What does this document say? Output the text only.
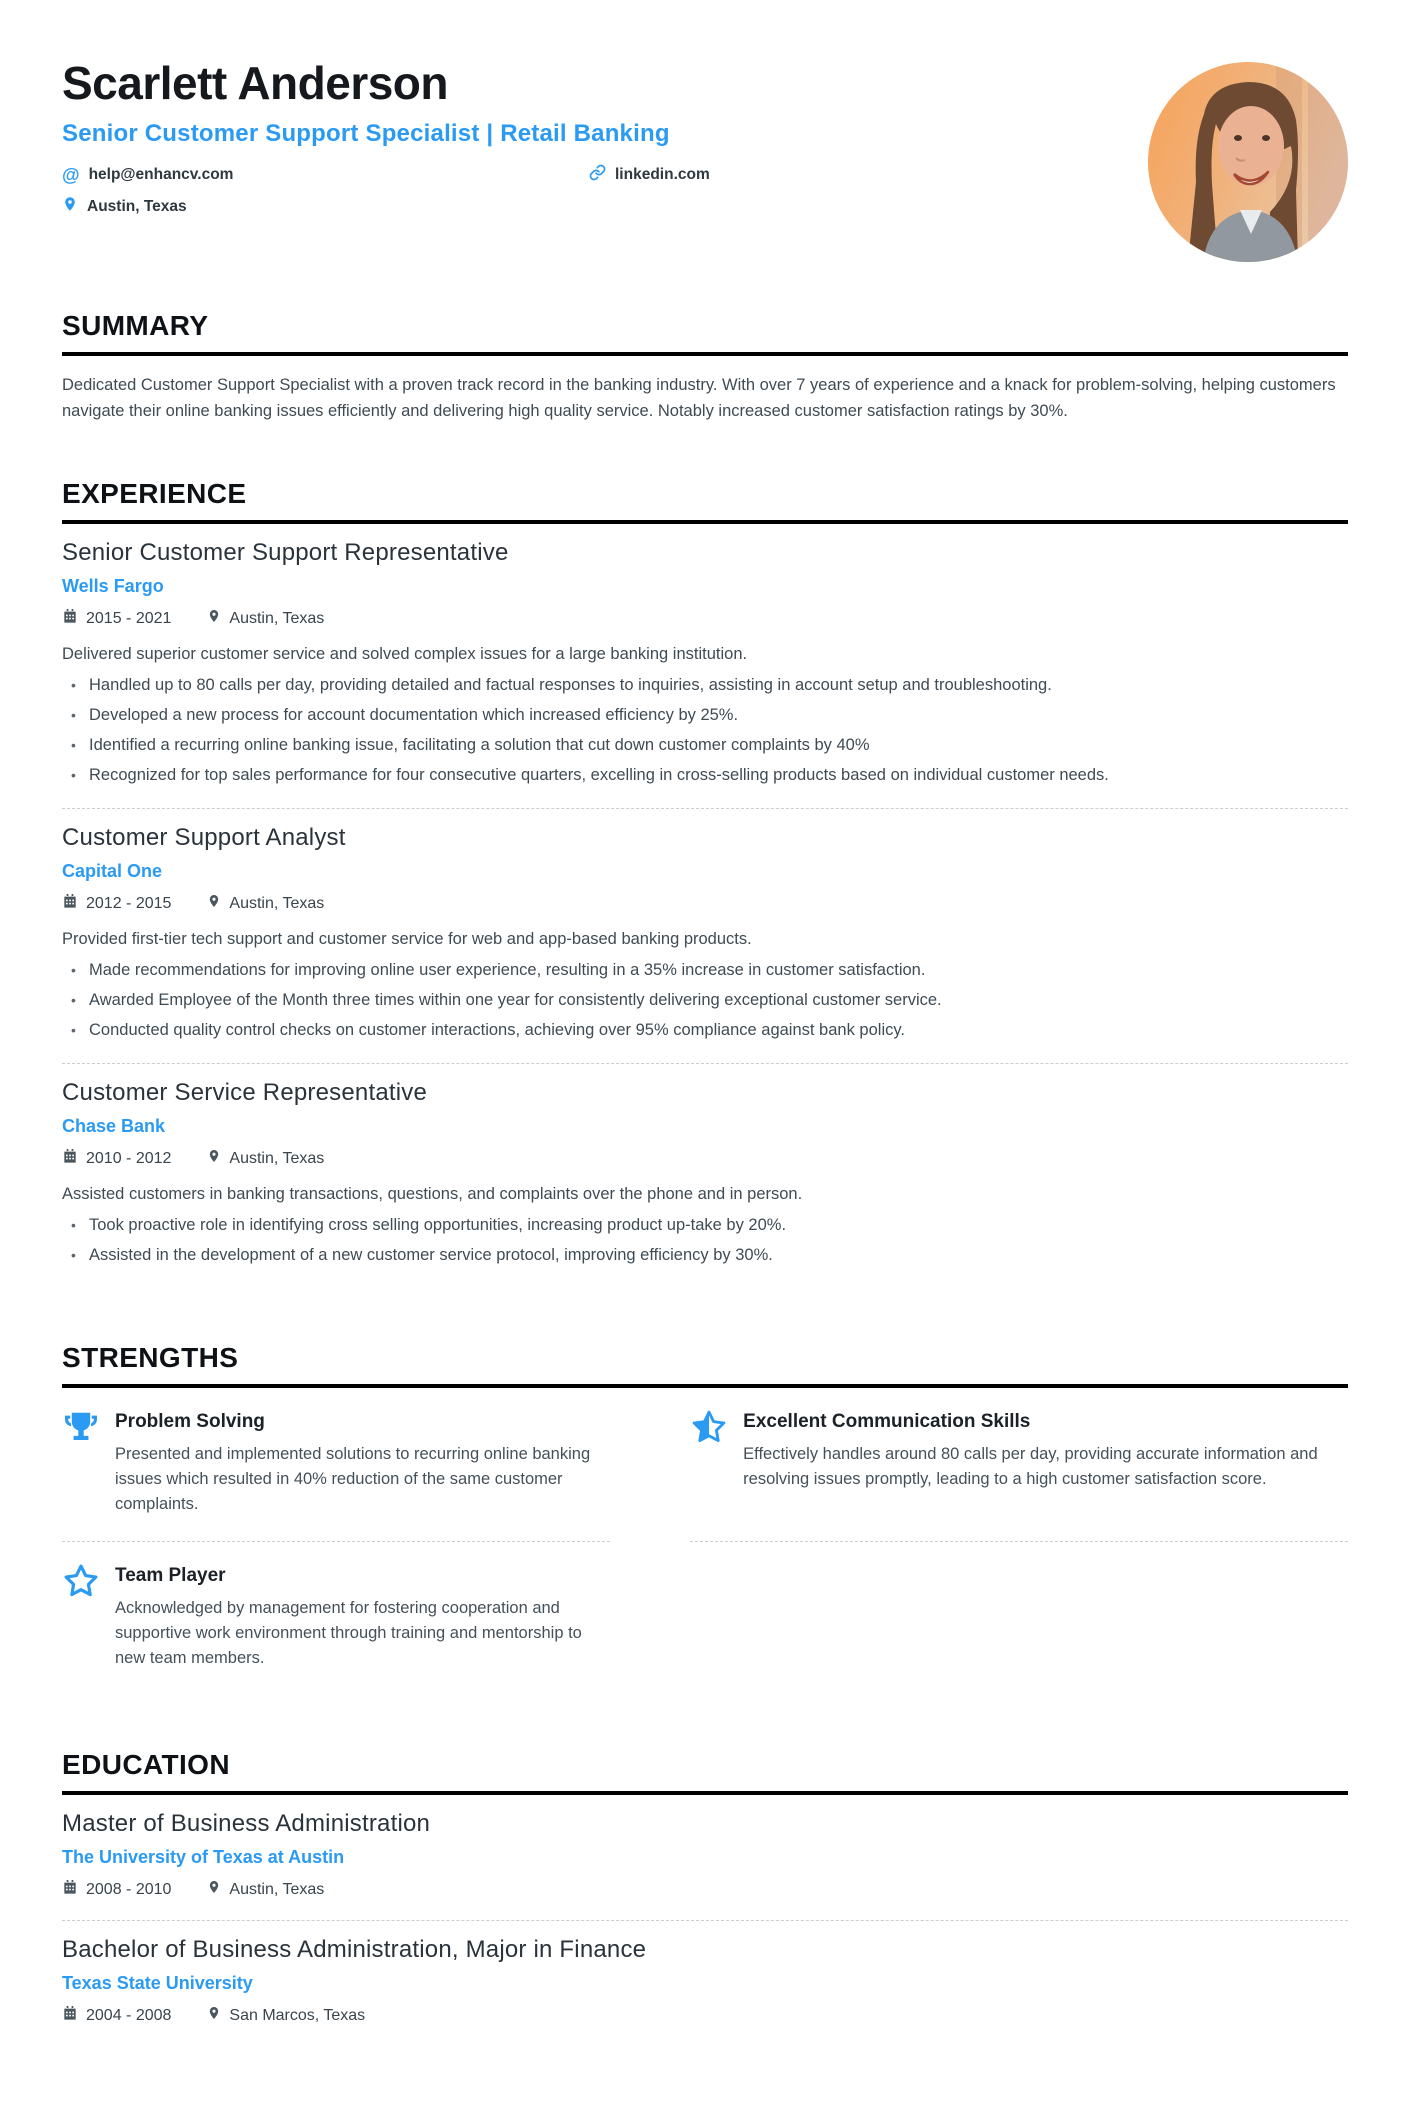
Scarlett Anderson
Senior Customer Support Specialist | Retail Banking
@ help@enhancv.com	linkedin.com
Austin, Texas
SUMMARY

Dedicated Customer Support Specialist with a proven track record in the banking industry. With over 7 years of experience and a knack for problem-solving, helping customers navigate their online banking issues efficiently and delivering high quality service. Notably increased customer satisfaction ratings by 30%.

EXPERIENCE
Senior Customer Support Representative
Wells Fargo
2015 - 2021	Austin, Texas
Delivered superior customer service and solved complex issues for a large banking institution.
• Handled up to 80 calls per day, providing detailed and factual responses to inquiries, assisting in account setup and troubleshooting.
• Developed a new process for account documentation which increased efficiency by 25%.
• Identified a recurring online banking issue, facilitating a solution that cut down customer complaints by 40%
• Recognized for top sales performance for four consecutive quarters, excelling in cross-selling products based on individual customer needs.
Customer Support Analyst
Capital One
2012 - 2015	Austin, Texas
Provided first-tier tech support and customer service for web and app-based banking products.
• Made recommendations for improving online user experience, resulting in a 35% increase in customer satisfaction.
• Awarded Employee of the Month three times within one year for consistently delivering exceptional customer service.
• Conducted quality control checks on customer interactions, achieving over 95% compliance against bank policy.
Customer Service Representative
Chase Bank
2010 - 2012	Austin, Texas
Assisted customers in banking transactions, questions, and complaints over the phone and in person.
• Took proactive role in identifying cross selling opportunities, increasing product up-take by 20%.
• Assisted in the development of a new customer service protocol, improving efficiency by 30%.
STRENGTHS
Problem Solving
Presented and implemented solutions to recurring online banking issues which resulted in 40% reduction of the same customer complaints.
Excellent Communication Skills
Effectively handles around 80 calls per day, providing accurate information and resolving issues promptly, leading to a high customer satisfaction score.
Team Player
Acknowledged by management for fostering cooperation and supportive work environment through training and mentorship to new team members.
EDUCATION
Master of Business Administration
The University of Texas at Austin
2008 - 2010	Austin, Texas
Bachelor of Business Administration, Major in Finance
Texas State University
2004 - 2008	San Marcos, Texas
